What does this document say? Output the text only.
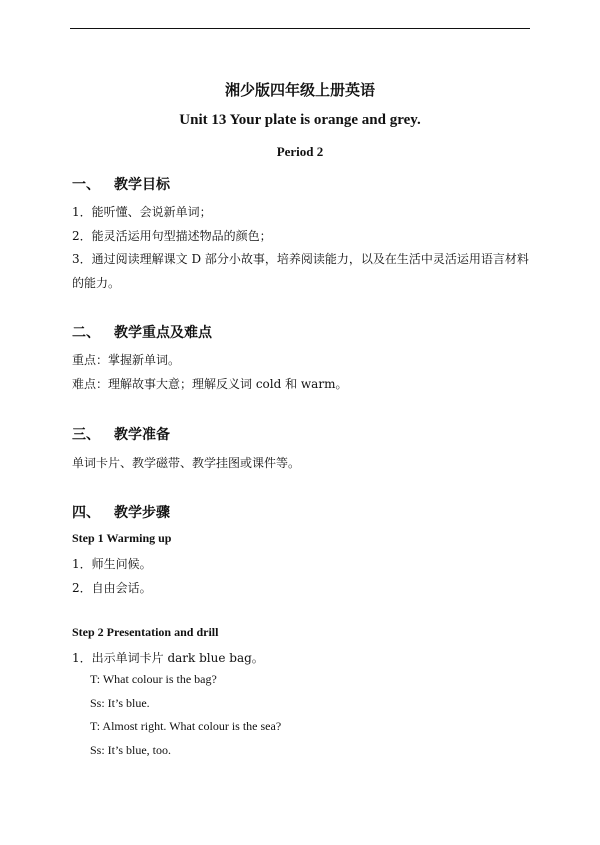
湘少版四年级上册英语
Unit 13 Your plate is orange and grey.
Period 2
一、 教学目标
1．能听懂、会说新单词；
2．能灵活运用句型描述物品的颜色；
3．通过阅读理解课文 D 部分小故事，培养阅读能力，以及在生活中灵活运用语言材料
的能力。
二、 教学重点及难点
重点：掌握新单词。
难点：理解故事大意；理解反义词 cold 和 warm。
三、 教学准备
单词卡片、教学磁带、教学挂图或课件等。
四、 教学步骤
Step 1 Warming up
1．师生问候。
2．自由会话。
Step 2 Presentation and drill
1．出示单词卡片 dark blue bag。
T: What colour is the bag?
Ss: It’s blue.
T: Almost right. What colour is the sea?
Ss: It’s blue, too.
